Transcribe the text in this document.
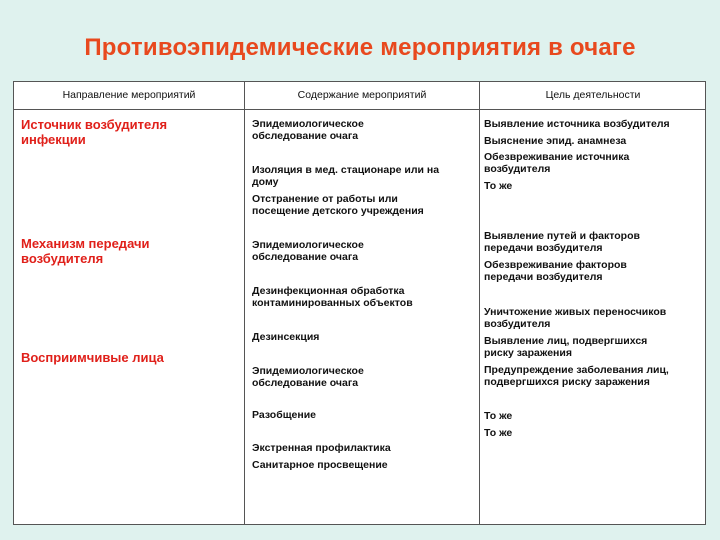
Противоэпидемические мероприятия в очаге
Направление мероприятий	Содержание мероприятий	Цель деятельности
Источник возбудителя
инфекции
Механизм передачи
возбудителя
Восприимчивые лица
Эпидемиологическое
обследование очага
Изоляция в мед. стационаре или на
дому
Отстранение от работы или
посещение детского учреждения
Эпидемиологическое
обследование очага
Дезинфекционная обработка
контаминированных объектов
Дезинсекция
Эпидемиологическое
обследование очага
Разобщение
Экстренная профилактика
Санитарное просвещение
Выявление источника возбудителя
Выяснение эпид. анамнеза
Обезвреживание источника
возбудителя
То же
Выявление путей и факторов
передачи возбудителя
Обезвреживание факторов
передачи возбудителя
Уничтожение живых переносчиков
возбудителя
Выявление лиц, подвергшихся
риску заражения
Предупреждение заболевания лиц,
подвергшихся риску заражения
То же
То же
